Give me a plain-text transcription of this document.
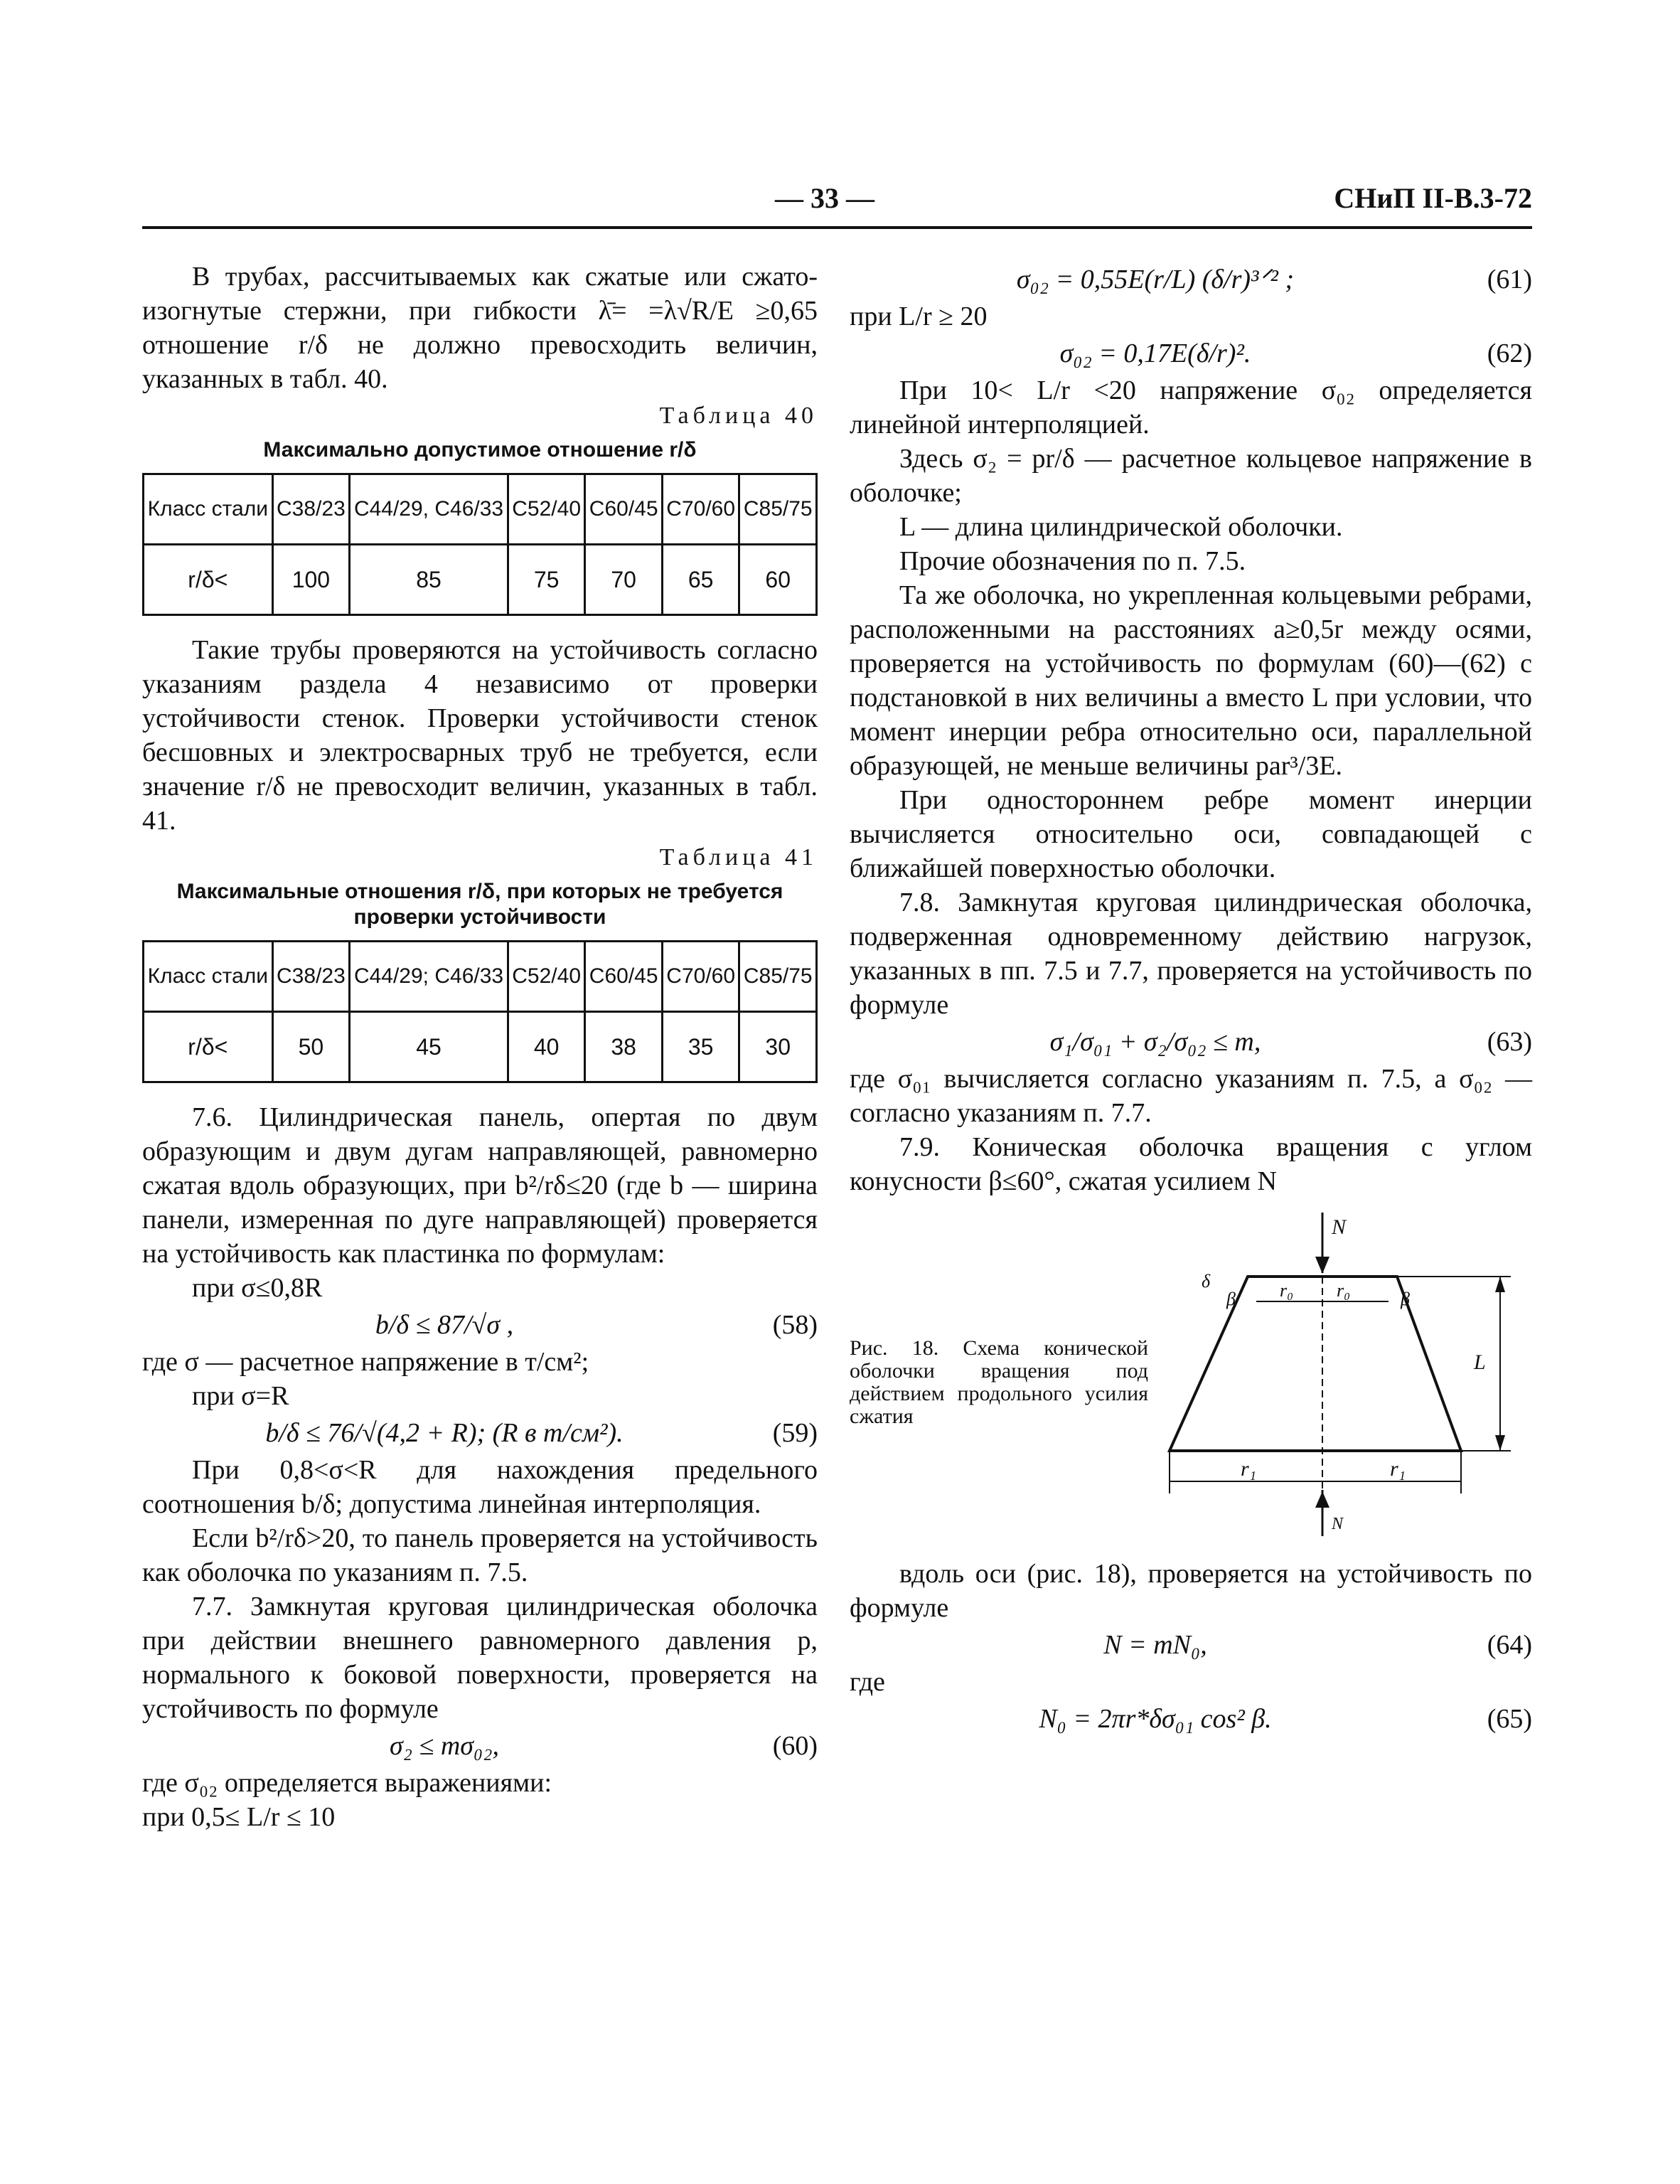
— 33 —	СНиП II-В.3-72

В трубах, рассчитываемых как сжатые или сжато-изогнутые стержни, при гибкости λ̄= =λ√R/E ≥0,65 отношение r/δ не должно превосходить величин, указанных в табл. 40.

Таблица 40

Максимально допустимое отношение r/δ

Класс стали	С38/23	С44/29, С46/33	С52/40	С60/45	С70/60	С85/75
r/δ<	100	85	75	70	65	60

Такие трубы проверяются на устойчивость согласно указаниям раздела 4 независимо от проверки устойчивости стенок. Проверки устойчивости стенок бесшовных и электросварных труб не требуется, если значение r/δ не превосходит величин, указанных в табл. 41.

Таблица 41

Максимальные отношения r/δ, при которых не требуется проверки устойчивости

Класс стали	С38/23	С44/29; С46/33	С52/40	С60/45	С70/60	С85/75
r/δ<	50	45	40	38	35	30

7.6. Цилиндрическая панель, опертая по двум образующим и двум дугам направляющей, равномерно сжатая вдоль образующих, при b²/rδ≤20 (где b — ширина панели, измеренная по дуге направляющей) проверяется на устойчивость как пластинка по формулам:

при σ≤0,8R

b/δ ≤ 87/√σ ,	(58)

где σ — расчетное напряжение в т/см²;

при σ=R

b/δ ≤ 76/√(4,2 + R); (R в т/см²).	(59)

При 0,8<σ<R для нахождения предельного соотношения b/δ; допустима линейная интерполяция.

Если b²/rδ>20, то панель проверяется на устойчивость как оболочка по указаниям п. 7.5.

7.7. Замкнутая круговая цилиндрическая оболочка при действии внешнего равномерного давления p, нормального к боковой поверхности, проверяется на устойчивость по формуле

σ₂ ≤ mσ₀₂,	(60)

где σ₀₂ определяется выражениями:

при 0,5≤ L/r ≤ 10

σ₀₂ = 0,55E(r/L) (δ/r)³ᐟ² ;	(61)

при L/r ≥ 20

σ₀₂ = 0,17E(δ/r)².	(62)

При 10< L/r <20 напряжение σ₀₂ определяется линейной интерполяцией.

Здесь σ₂ = pr/δ — расчетное кольцевое напряжение в оболочке;

L — длина цилиндрической оболочки.

Прочие обозначения по п. 7.5.

Та же оболочка, но укрепленная кольцевыми ребрами, расположенными на расстояниях a≥0,5r между осями, проверяется на устойчивость по формулам (60)—(62) с подстановкой в них величины a вместо L при условии, что момент инерции ребра относительно оси, параллельной образующей, не меньше величины par³/3E.

При одностороннем ребре момент инерции вычисляется относительно оси, совпадающей с ближайшей поверхностью оболочки.

7.8. Замкнутая круговая цилиндрическая оболочка, подверженная одновременному действию нагрузок, указанных в пп. 7.5 и 7.7, проверяется на устойчивость по формуле

σ₁/σ₀₁ + σ₂/σ₀₂ ≤ m,	(63)

где σ₀₁ вычисляется согласно указаниям п. 7.5, а σ₀₂ — согласно указаниям п. 7.7.

7.9. Коническая оболочка вращения с углом конусности β≤60°, сжатая усилием N

Рис. 18. Схема конической оболочки вращения под действием продольного усилия сжатия

N
L
r₀ r₀
β	β
δ
r₁	r₁
N

вдоль оси (рис. 18), проверяется на устойчивость по формуле

N = mN₀,	(64)

где

N₀ = 2πr*δσ₀₁ cos² β.	(65)
